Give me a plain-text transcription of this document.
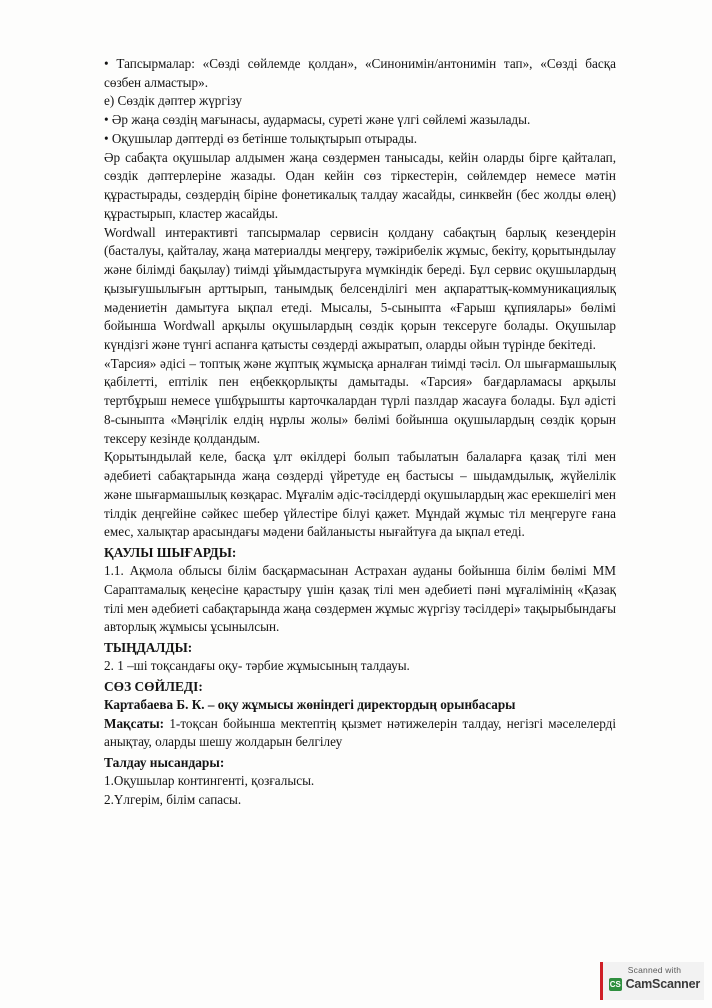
• Тапсырмалар: «Сөзді сөйлемде қолдан», «Синонимін/антонимін тап», «Сөзді басқа сөзбен алмастыр».

е) Сөздік дәптер жүргізу

• Әр жаңа сөздің мағынасы, аудармасы, суреті және үлгі сөйлемі жазылады.

• Оқушылар дәптерді өз бетінше толықтырып отырады.

Әр сабақта оқушылар алдымен жаңа сөздермен танысады, кейін оларды бірге қайталап, сөздік дәптерлеріне жазады. Одан кейін сөз тіркестерін, сөйлемдер немесе мәтін құрастырады, сөздердің біріне фонетикалық талдау жасайды, синквейн (бес жолды өлең) құрастырып, кластер жасайды.

Wordwall интерактивті тапсырмалар сервисін қолдану сабақтың барлық кезеңдерін (басталуы, қайталау, жаңа материалды меңгеру, тәжірибелік жұмыс, бекіту, қорытындылау және білімді бақылау) тиімді ұйымдастыруға мүмкіндік береді. Бұл сервис оқушылардың қызығушылығын арттырып, танымдық белсенділігі мен ақпараттық-коммуникациялық мәдениетін дамытуға ықпал етеді. Мысалы, 5-сыныпта «Ғарыш құпиялары» бөлімі бойынша Wordwall арқылы оқушылардың сөздік қорын тексеруге болады. Оқушылар күндізгі және түнгі аспанға қатысты сөздерді ажыратып, оларды ойын түрінде бекітеді.

«Тарсия» әдісі – топтық және жұптық жұмысқа арналған тиімді тәсіл. Ол шығармашылық қабілетті, ептілік пен еңбекқорлықты дамытады. «Тарсия» бағдарламасы арқылы тертбұрыш немесе үшбұрышты карточкалардан түрлі пазлдар жасауға болады. Бұл әдісті 8-сыныпта «Мәңгілік елдің нұрлы жолы» бөлімі бойынша оқушылардың сөздік қорын тексеру кезінде қолдандым.

Қорытындылай келе, басқа ұлт өкілдері болып табылатын балаларға қазақ тілі мен әдебиеті сабақтарында жаңа сөздерді үйретуде ең бастысы – шыдамдылық, жүйелілік және шығармашылық көзқарас. Мұғалім әдіс-тәсілдерді оқушылардың жас ерекшелігі мен тілдік деңгейіне сәйкес шебер үйлестіре білуі қажет. Мұндай жұмыс тіл меңгеруге ғана емес, халықтар арасындағы мәдени байланысты нығайтуға да ықпал етеді.

ҚАУЛЫ ШЫҒАРДЫ:

1.1. Ақмола облысы білім басқармасынан Астрахан ауданы бойынша білім бөлімі ММ Сараптамалық кеңесіне қарастыру үшін қазақ тілі мен әдебиеті пәні мұғалімінің «Қазақ тілі мен әдебиеті сабақтарында жаңа сөздермен жұмыс жүргізу тәсілдері» тақырыбындағы авторлық жұмысы ұсынылсын.

ТЫҢДАЛДЫ:

2. 1 –ші тоқсандағы оқу- тәрбие жұмысының талдауы.

СӨЗ СӨЙЛЕДІ:

Картабаева Б. К. – оқу жұмысы жөніндегі директордың орынбасары

Мақсаты: 1-тоқсан бойынша мектептің қызмет нәтижелерін талдау, негізгі мәселелерді анықтау, оларды шешу жолдарын белгілеу

Талдау нысандары:

1.Оқушылар контингенті, қозғалысы.

2.Үлгерім, білім сапасы.

Scanned with
CS CamScanner
